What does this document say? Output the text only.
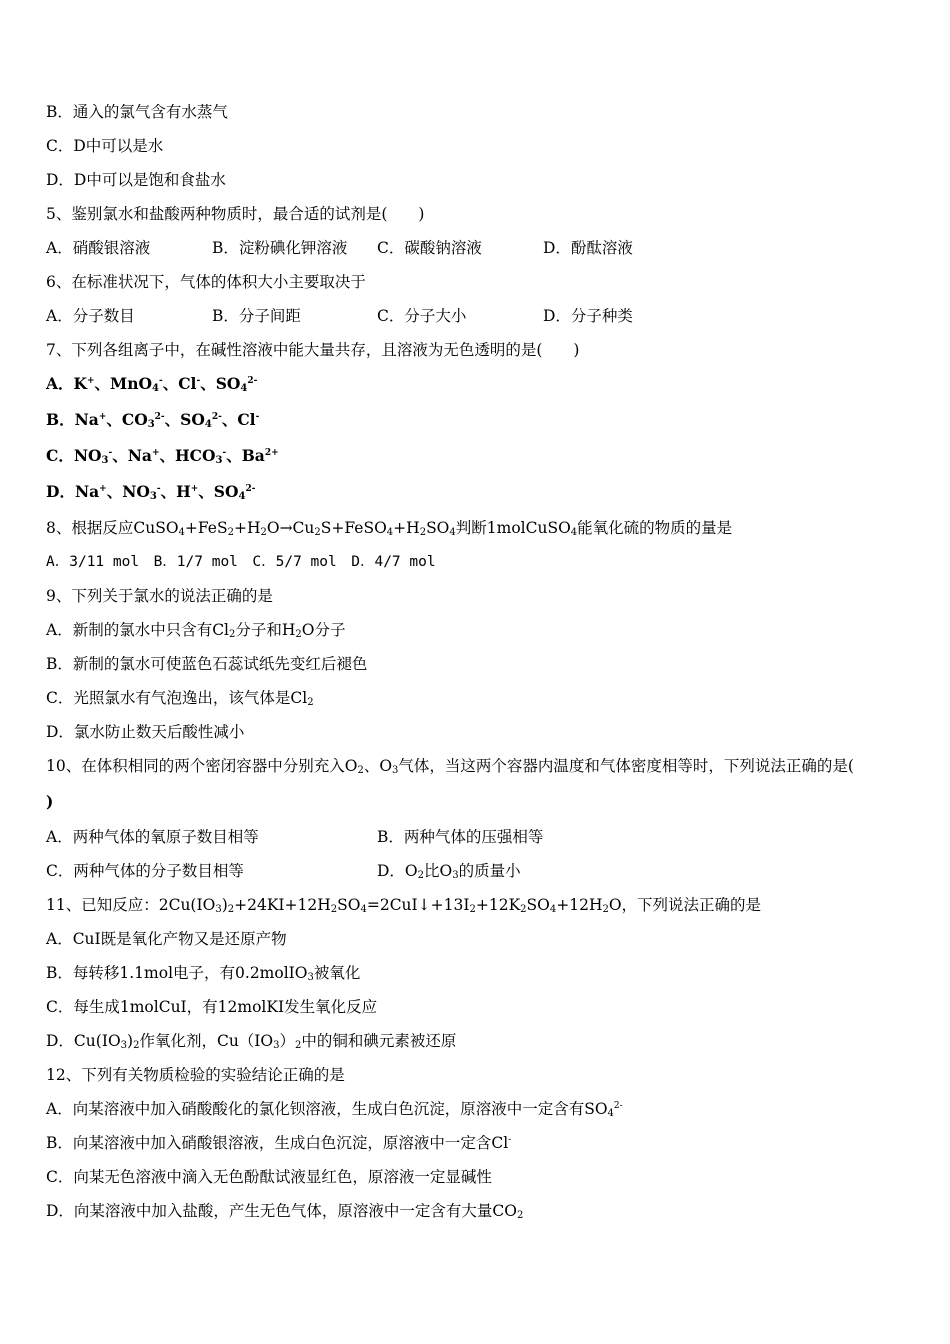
B．通入的氯气含有水蒸气
C．D中可以是水
D．D中可以是饱和食盐水
5、鉴别氯水和盐酸两种物质时，最合适的试剂是(　　)
A．硝酸银溶液	B．淀粉碘化钾溶液 C．碳酸钠溶液	D．酚酞溶液
6、在标准状况下，气体的体积大小主要取决于
A．分子数目	B．分子间距	C．分子大小	D．分子种类
7、下列各组离子中，在碱性溶液中能大量共存，且溶液为无色透明的是(　　)
A．K+、MnO$_4$-、Cl-、$SO_4^{2-}$
B．Na+、$CO_3^{2-}$、$SO_4^{2-}$、Cl-
C．$NO_3^-$、Na+、$HCO_3^-$、$Ba^{2+}$
D．Na+、$NO_3^-$、H+、$SO_4^{2-}$
8、根据反应$CuSO_4+FeS_2+H_2O\to Cu_2S+FeSO_4+H_2SO_4$判断1molCuSO$_4$能氧化硫的物质的量是
A．3/11 mol　B．1/7 mol　C．5/7 mol　D．4/7 mol
9、下列关于氯水的说法正确的是
A．新制的氯水中只含有$Cl_2$分子和$H_2O$分子
B．新制的氯水可使蓝色石蕊试纸先变红后褪色
C．光照氯水有气泡逸出，该气体是$Cl_2$
D．氯水防止数天后酸性减小
10、在体积相同的两个密闭容器中分别充入$O_2$、$O_3$气体，当这两个容器内温度和气体密度相等时，下列说法正确的是(
)
A．两种气体的氧原子数目相等	B．两种气体的压强相等
C．两种气体的分子数目相等	D．$O_2$比$O_3$的质量小
11、已知反应：$2Cu(IO_3)_2+24KI+12H_2SO_4=2CuI↓+13I_2+12K_2SO_4+12H_2O$，下列说法正确的是
A．CuI既是氧化产物又是还原产物
B．每转移1.1mol电子，有0.2molIO$_3$被氧化
C．每生成1molCuI，有12molKI发生氧化反应
D．$Cu(IO_3)_2$作氧化剂，$Cu(IO_3)_2$中的铜和碘元素被还原
12、下列有关物质检验的实验结论正确的是
A．向某溶液中加入硝酸酸化的氯化钡溶液，生成白色沉淀，原溶液中一定含有$SO_4^{2-}$
B．向某溶液中加入硝酸银溶液，生成白色沉淀，原溶液中一定含Cl-
C．向某无色溶液中滴入无色酚酞试液显红色，原溶液一定显碱性
D．向某溶液中加入盐酸，产生无色气体，原溶液中一定含有大量$CO_2$
